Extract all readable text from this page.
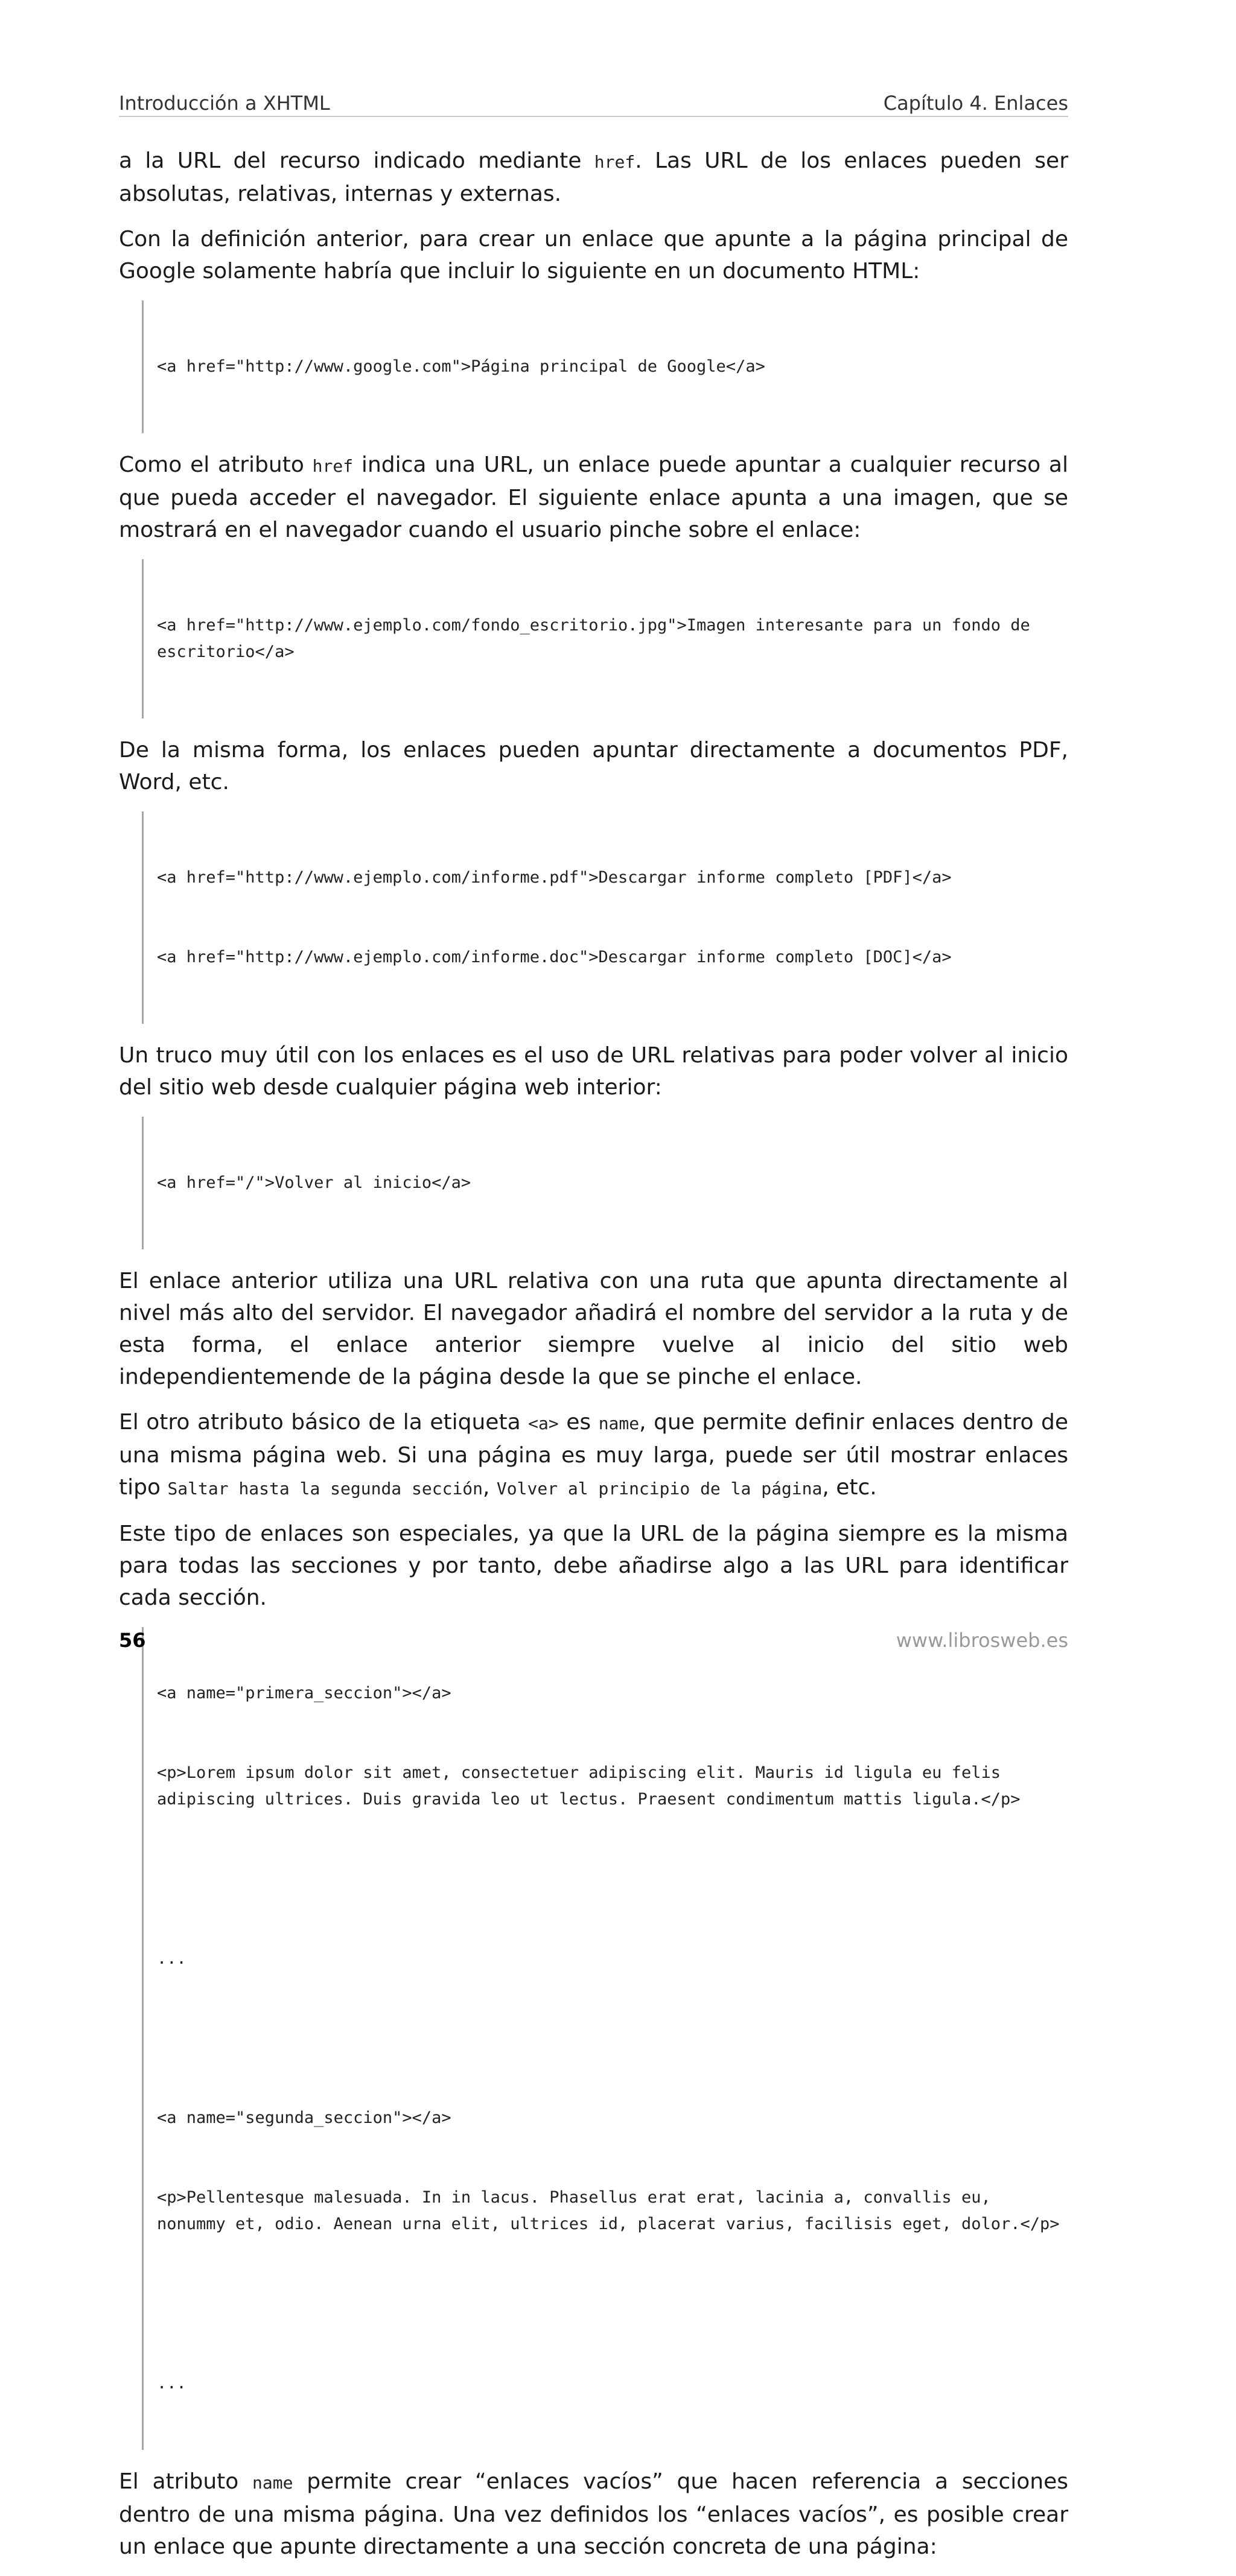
Introducción a XHTML	Capítulo 4. Enlaces

a la URL del recurso indicado mediante href. Las URL de los enlaces pueden ser absolutas, relativas, internas y externas.

Con la definición anterior, para crear un enlace que apunte a la página principal de Google solamente habría que incluir lo siguiente en un documento HTML:

<a href="http://www.google.com">Página principal de Google</a>

Como el atributo href indica una URL, un enlace puede apuntar a cualquier recurso al que pueda acceder el navegador. El siguiente enlace apunta a una imagen, que se mostrará en el navegador cuando el usuario pinche sobre el enlace:

<a href="http://www.ejemplo.com/fondo_escritorio.jpg">Imagen interesante para un fondo de escritorio</a>

De la misma forma, los enlaces pueden apuntar directamente a documentos PDF, Word, etc.

<a href="http://www.ejemplo.com/informe.pdf">Descargar informe completo [PDF]</a>

<a href="http://www.ejemplo.com/informe.doc">Descargar informe completo [DOC]</a>

Un truco muy útil con los enlaces es el uso de URL relativas para poder volver al inicio del sitio web desde cualquier página web interior:

<a href="/">Volver al inicio</a>

El enlace anterior utiliza una URL relativa con una ruta que apunta directamente al nivel más alto del servidor. El navegador añadirá el nombre del servidor a la ruta y de esta forma, el enlace anterior siempre vuelve al inicio del sitio web independientemende de la página desde la que se pinche el enlace.

El otro atributo básico de la etiqueta <a> es name, que permite definir enlaces dentro de una misma página web. Si una página es muy larga, puede ser útil mostrar enlaces tipo Saltar hasta la segunda sección, Volver al principio de la página, etc.

Este tipo de enlaces son especiales, ya que la URL de la página siempre es la misma para todas las secciones y por tanto, debe añadirse algo a las URL para identificar cada sección.

<a name="primera_seccion"></a>

<p>Lorem ipsum dolor sit amet, consectetuer adipiscing elit. Mauris id ligula eu felis adipiscing ultrices. Duis gravida leo ut lectus. Praesent condimentum mattis ligula.</p>

...

<a name="segunda_seccion"></a>

<p>Pellentesque malesuada. In in lacus. Phasellus erat erat, lacinia a, convallis eu, nonummy et, odio. Aenean urna elit, ultrices id, placerat varius, facilisis eget, dolor.</p>

...

El atributo name permite crear “enlaces vacíos” que hacen referencia a secciones dentro de una misma página. Una vez definidos los “enlaces vacíos”, es posible crear un enlace que apunte directamente a una sección concreta de una página:

56	www.librosweb.es
